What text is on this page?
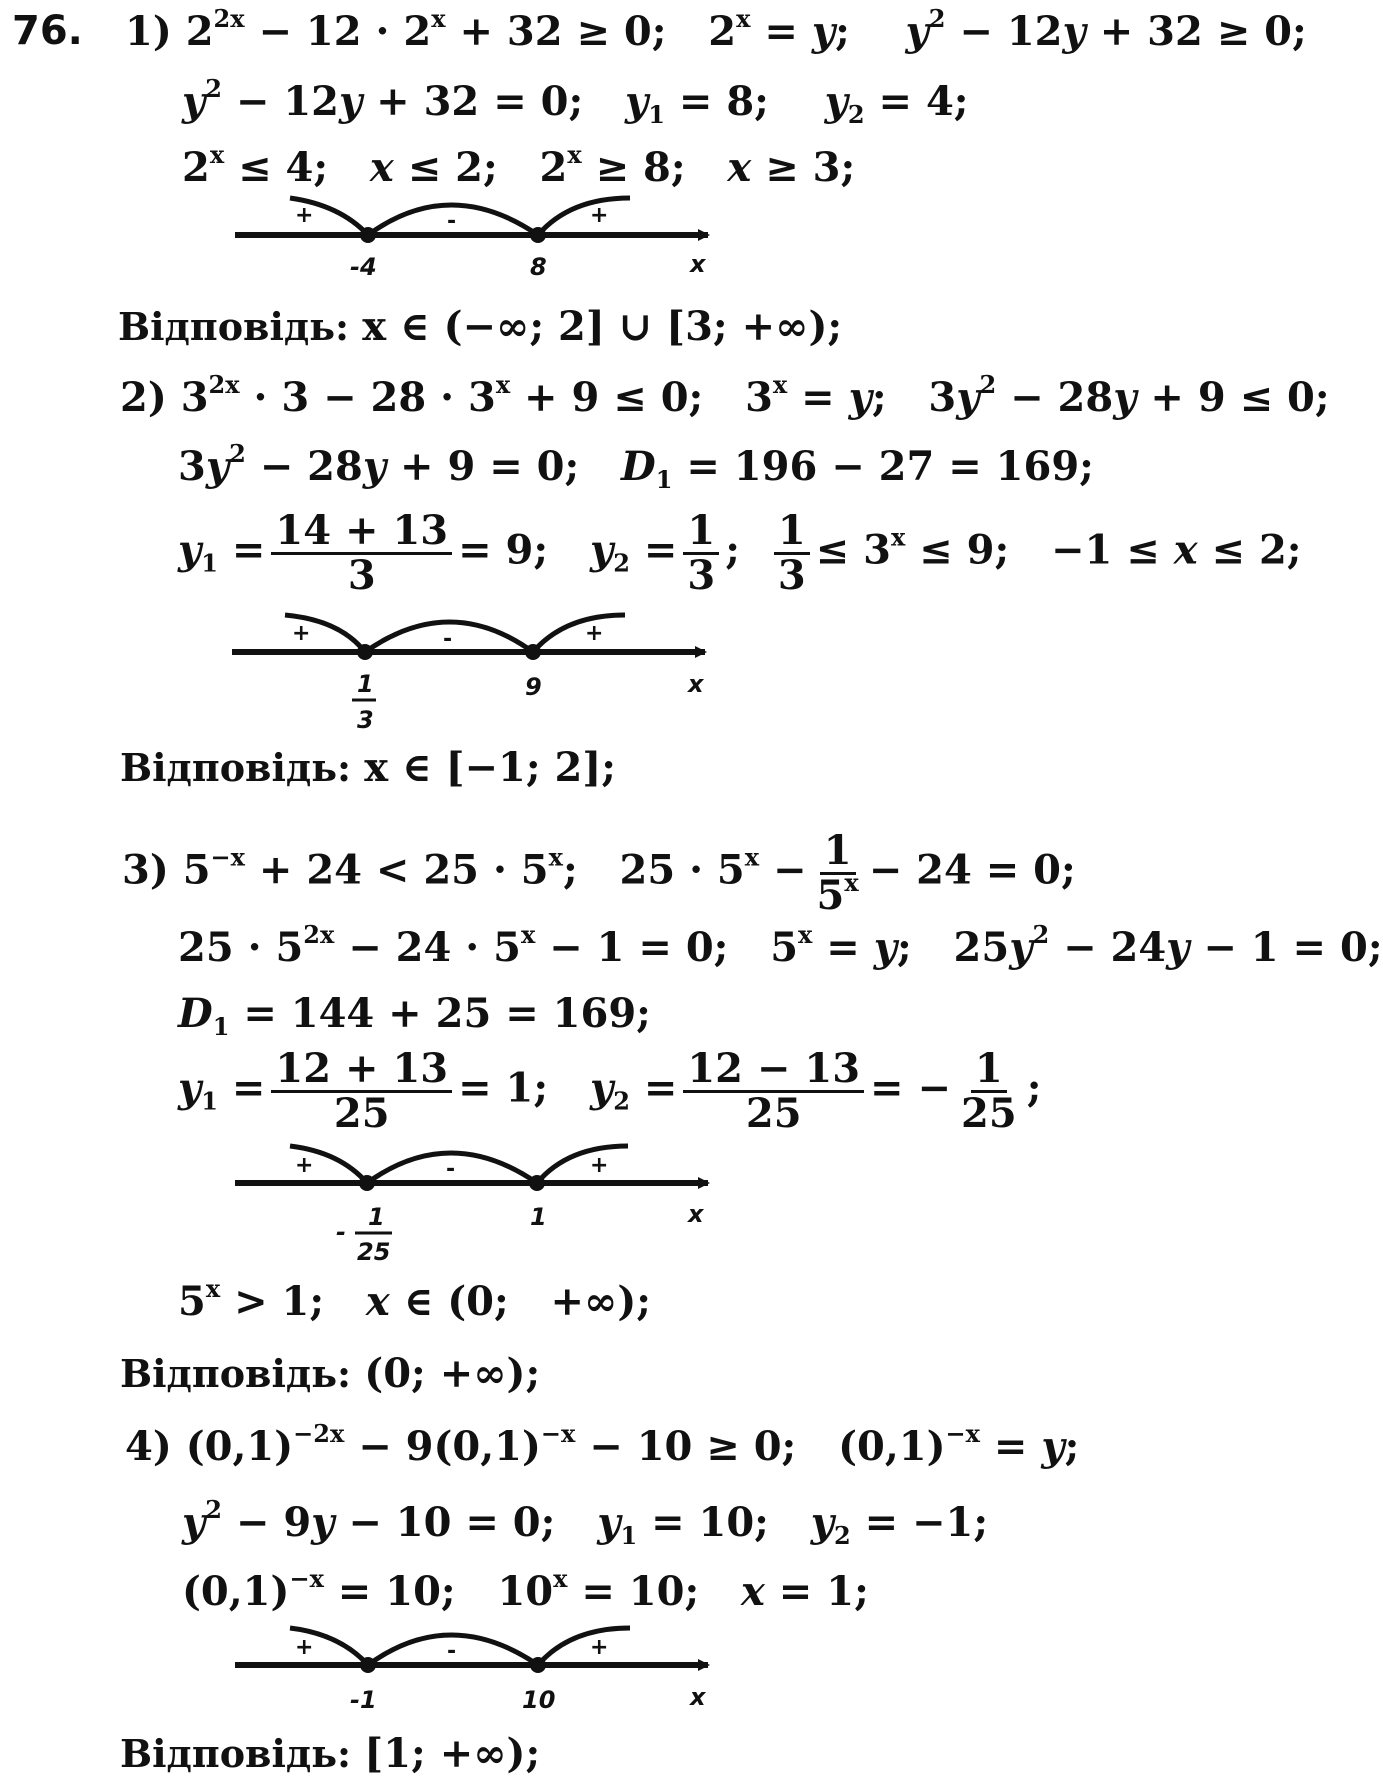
76. 1) $2^{2x} - 12 \cdot 2^x + 32 \ge 0$;   $2^x = y$;    $y^2 - 12y + 32 \ge 0$;
$y^2 - 12y + 32 = 0$;   $y_1 = 8$;    $y_2 = 4$;
$2^x \le 4$;   x ≤ 2;   $2^x \ge 8$;   x ≥ 3;
2) $3^{2x} \cdot 3 - 28 \cdot 3^x + 9 \le 0$;   $3^x = y$;   $3y^2 - 28y + 9 \le 0$;
$3y^2 - 28y + 9 = 0$;   $D_1 = 196 - 27 = 169$;
$y_1 = \frac{14 + 13}{3} = 9$; $y_2 = \frac{1}{3}$ ; $\frac{1}{3} \le 3^x \le 9$;   −1 ≤ x ≤ 2;
3) $5^{-x} + 24 < 25 \cdot 5^x$;   $25 \cdot 5^x - \frac{1}{5^x} - 24 = 0$;
$25 \cdot 5^{2x} - 24 \cdot 5^x - 1 = 0$;   $5^x = y$;   $25y^2 - 24y - 1 = 0$;
$D_1 = 144 + 25 = 169$;
$y_1 = \frac{12 + 13}{25} = 1$; $y_2 = \frac{12 - 13}{25}$ = − $\frac{1}{25}$ ;
$5^x > 1$;   x ∈ (0;   +∞);
4) $(0,1)^{-2x} - 9(0,1)^{-x} - 10 \ge 0$;   $(0,1)^{-x} = y$;
$y^2 - 9y - 10 = 0$;   $y_1 = 10$;   $y_2 = -1$;
$(0,1)^{-x} = 10$;   $10^x = 10$;   x = 1;
Відповідь: x ∈ (−∞; 2] ∪ [3; +∞);
Відповідь: x ∈ [−1; 2];
Відповідь: (0; +∞);
Відповідь: [1; +∞);
+	-	+
-4	8	x
+	-	+
1
3
9	x
+	-	+
-
1
25
1	x
+	-	+
-1	10	x
